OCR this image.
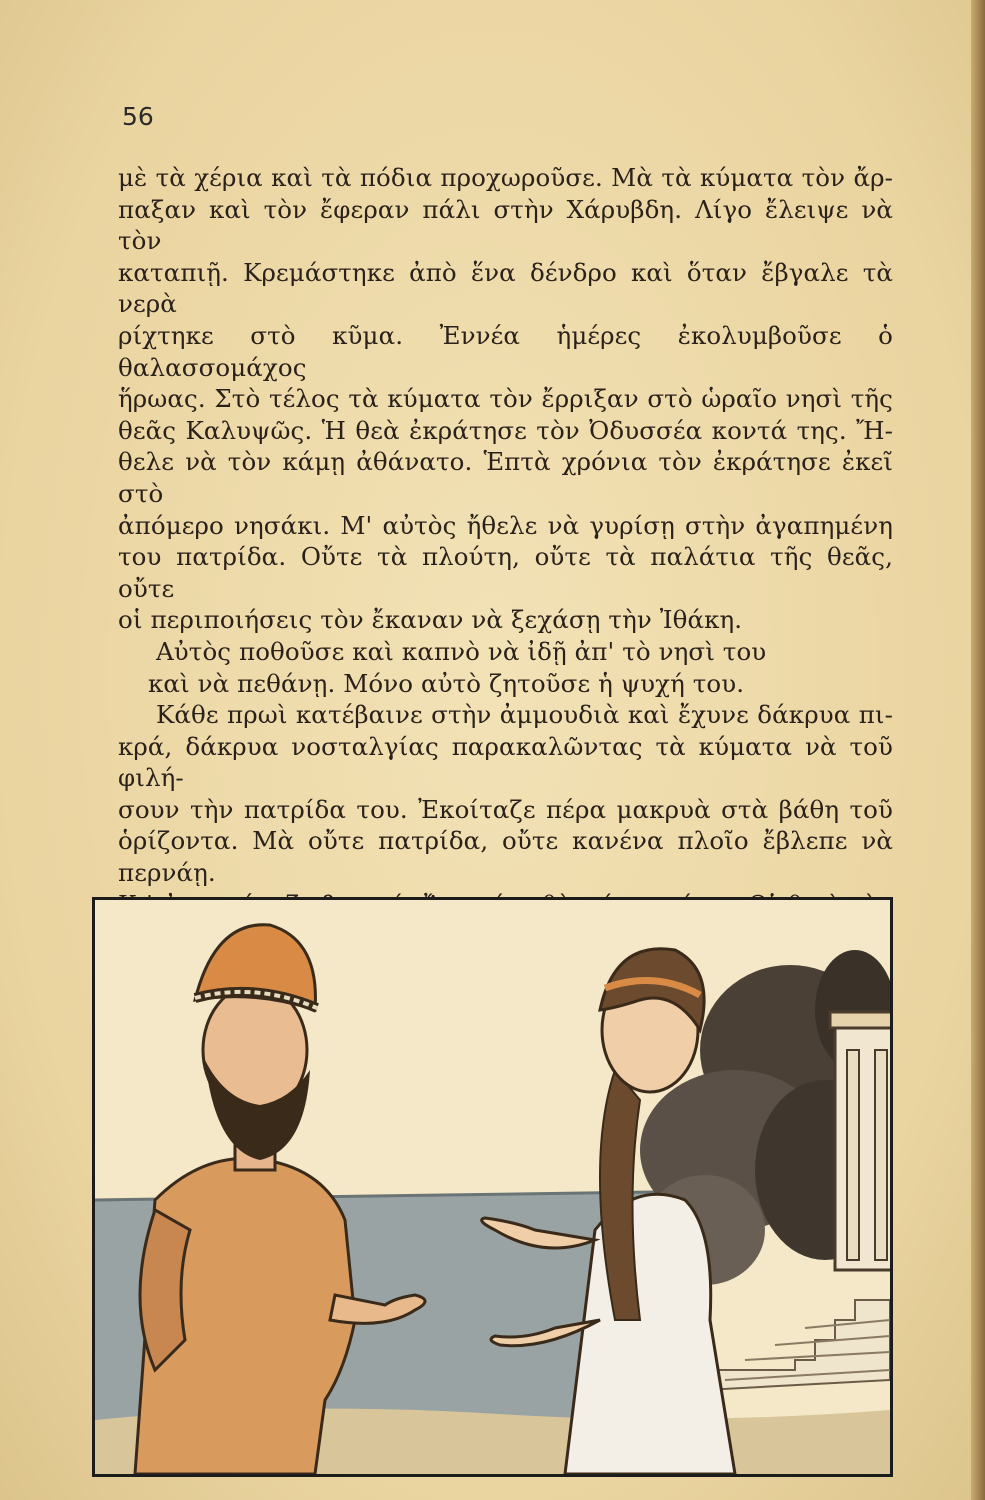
56
μὲ τὰ χέρια καὶ τὰ πόδια προχωροῦσε. Μὰ τὰ κύματα τὸν ἄρ-
παξαν καὶ τὸν ἔφεραν πάλι στὴν Χάρυβδη. Λίγο ἔλειψε νὰ τὸν
καταπιῇ. Κρεμάστηκε ἀπὸ ἕνα δένδρο καὶ ὅταν ἔβγαλε τὰ νερὰ
ρίχτηκε στὸ κῦμα. Ἐννέα ἡμέρες ἐκολυμβοῦσε ὁ θαλασσομάχος
ἥρωας. Στὸ τέλος τὰ κύματα τὸν ἔρριξαν στὸ ὡραῖο νησὶ τῆς
θεᾶς Καλυψῶς. Ἡ θεὰ ἐκράτησε τὸν Ὀδυσσέα κοντά της. Ἤ-
θελε νὰ τὸν κάμῃ ἀθάνατο. Ἑπτὰ χρόνια τὸν ἐκράτησε ἐκεῖ στὸ
ἀπόμερο νησάκι. Μ' αὐτὸς ἤθελε νὰ γυρίσῃ στὴν ἀγαπημένη
του πατρίδα. Οὔτε τὰ πλούτη, οὔτε τὰ παλάτια τῆς θεᾶς, οὔτε
οἱ περιποιήσεις τὸν ἔκαναν νὰ ξεχάσῃ τὴν Ἰθάκη.
Αὐτὸς ποθοῦσε καὶ καπνὸ νὰ ἰδῇ ἀπ' τὸ νησὶ του
καὶ νὰ πεθάνῃ. Μόνο αὐτὸ ζητοῦσε ἡ ψυχή του.
Κάθε πρωὶ κατέβαινε στὴν ἀμμουδιὰ καὶ ἔχυνε δάκρυα πι-
κρά, δάκρυα νοσταλγίας παρακαλῶντας τὰ κύματα νὰ τοῦ φιλή-
σουν τὴν πατρίδα του. Ἐκοίταζε πέρα μακρυὰ στὰ βάθη τοῦ
ὁρίζοντα. Μὰ οὔτε πατρίδα, οὔτε κανένα πλοῖο ἔβλεπε νὰ περνάῃ.
